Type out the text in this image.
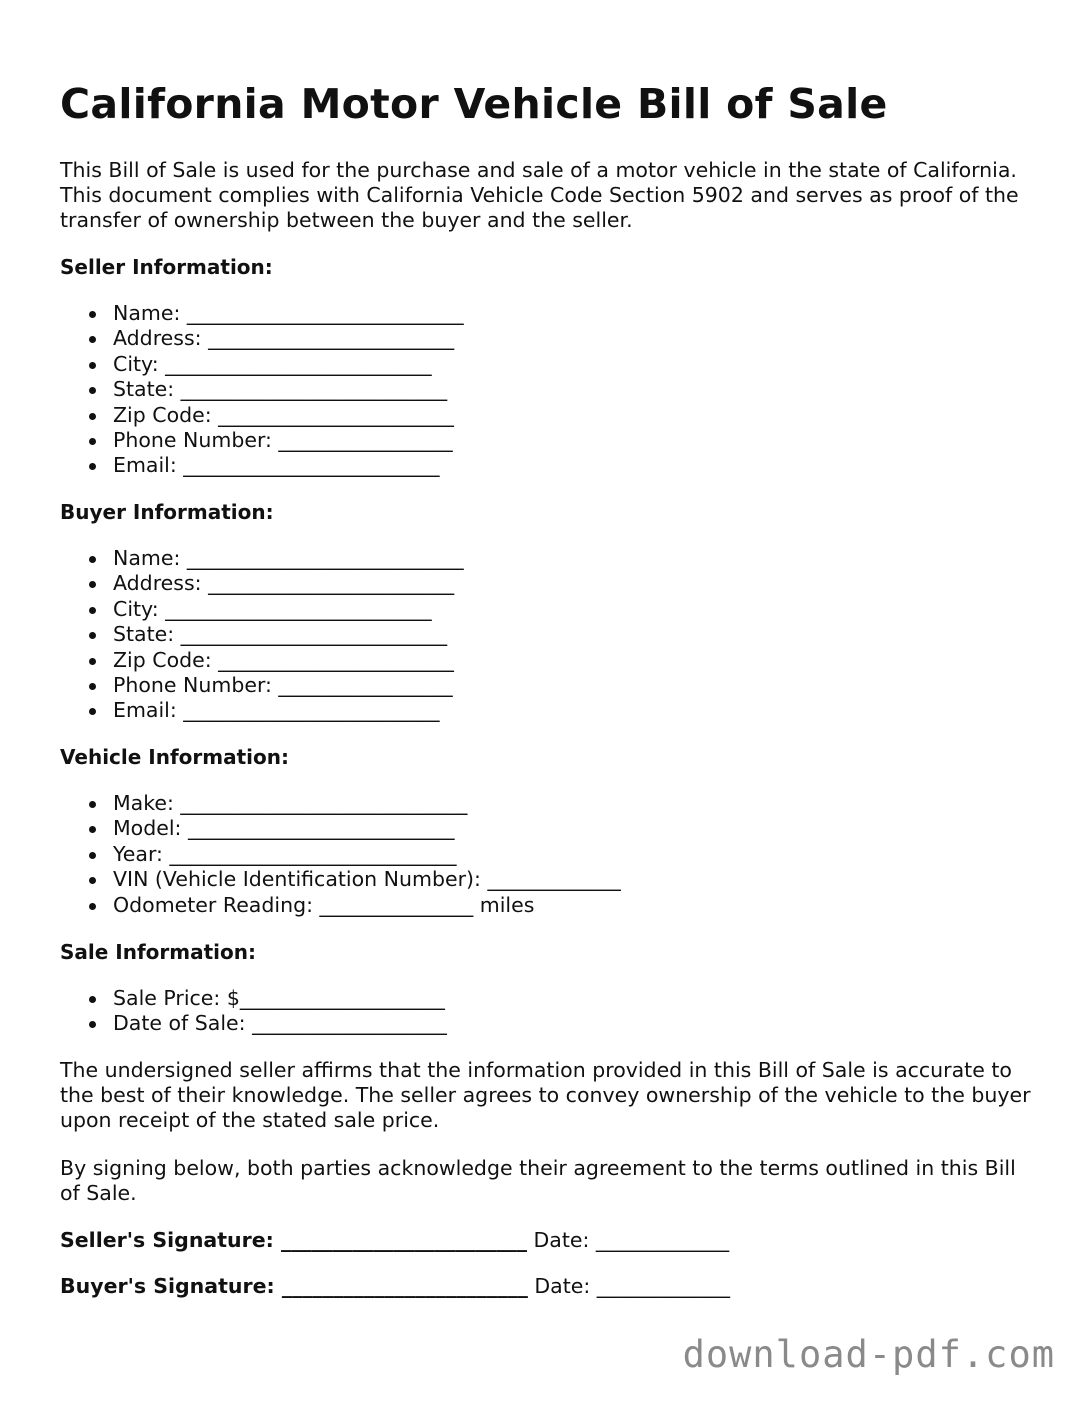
California Motor Vehicle Bill of Sale

This Bill of Sale is used for the purchase and sale of a motor vehicle in the state of California. This document complies with California Vehicle Code Section 5902 and serves as proof of the transfer of ownership between the buyer and the seller.

Seller Information:
Name: ___________________________
Address: ________________________
City: __________________________
State: __________________________
Zip Code: _______________________
Phone Number: _________________
Email: _________________________
Buyer Information:
Name: ___________________________
Address: ________________________
City: __________________________
State: __________________________
Zip Code: _______________________
Phone Number: _________________
Email: _________________________
Vehicle Information:
Make: ____________________________
Model: __________________________
Year: ____________________________
VIN (Vehicle Identification Number): _____________
Odometer Reading: _______________ miles
Sale Information:
Sale Price: $____________________
Date of Sale: ___________________

The undersigned seller affirms that the information provided in this Bill of Sale is accurate to the best of their knowledge. The seller agrees to convey ownership of the vehicle to the buyer upon receipt of the stated sale price.

By signing below, both parties acknowledge their agreement to the terms outlined in this Bill of Sale.

Seller's Signature: ________________________ Date: _____________
Buyer's Signature: ________________________ Date: _____________
download-pdf.com
